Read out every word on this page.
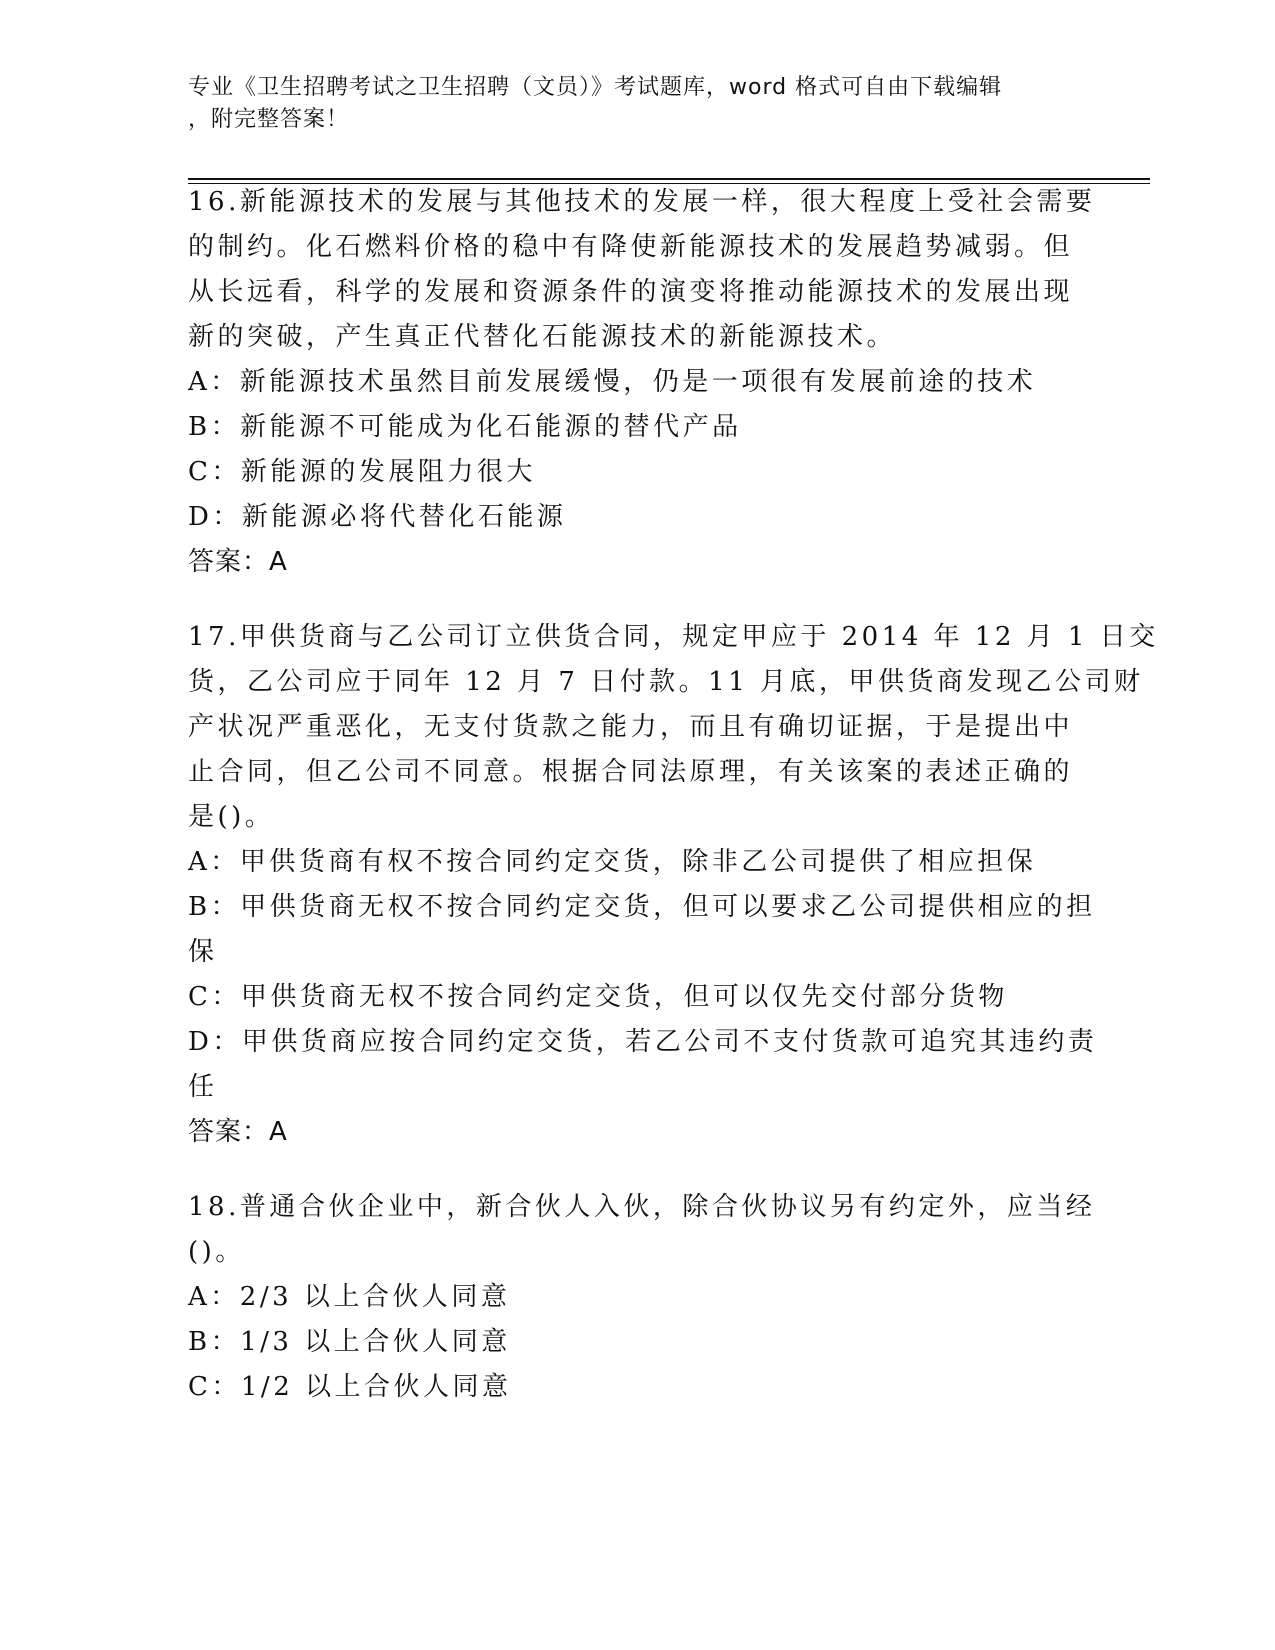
专业《卫生招聘考试之卫生招聘（文员）》考试题库，word 格式可自由下载编辑
，附完整答案！
16.新能源技术的发展与其他技术的发展一样，很大程度上受社会需要
的制约。化石燃料价格的稳中有降使新能源技术的发展趋势减弱。但
从长远看，科学的发展和资源条件的演变将推动能源技术的发展出现
新的突破，产生真正代替化石能源技术的新能源技术。
A：新能源技术虽然目前发展缓慢，仍是一项很有发展前途的技术
B：新能源不可能成为化石能源的替代产品
C：新能源的发展阻力很大
D：新能源必将代替化石能源
答案：A
17.甲供货商与乙公司订立供货合同，规定甲应于 2014 年 12 月 1 日交
货，乙公司应于同年 12 月 7 日付款。11 月底，甲供货商发现乙公司财
产状况严重恶化，无支付货款之能力，而且有确切证据，于是提出中
止合同，但乙公司不同意。根据合同法原理，有关该案的表述正确的
是()。
A：甲供货商有权不按合同约定交货，除非乙公司提供了相应担保
B：甲供货商无权不按合同约定交货，但可以要求乙公司提供相应的担
保
C：甲供货商无权不按合同约定交货，但可以仅先交付部分货物
D：甲供货商应按合同约定交货，若乙公司不支付货款可追究其违约责
任
答案：A
18.普通合伙企业中，新合伙人入伙，除合伙协议另有约定外，应当经
()。
A：2/3 以上合伙人同意
B：1/3 以上合伙人同意
C：1/2 以上合伙人同意
